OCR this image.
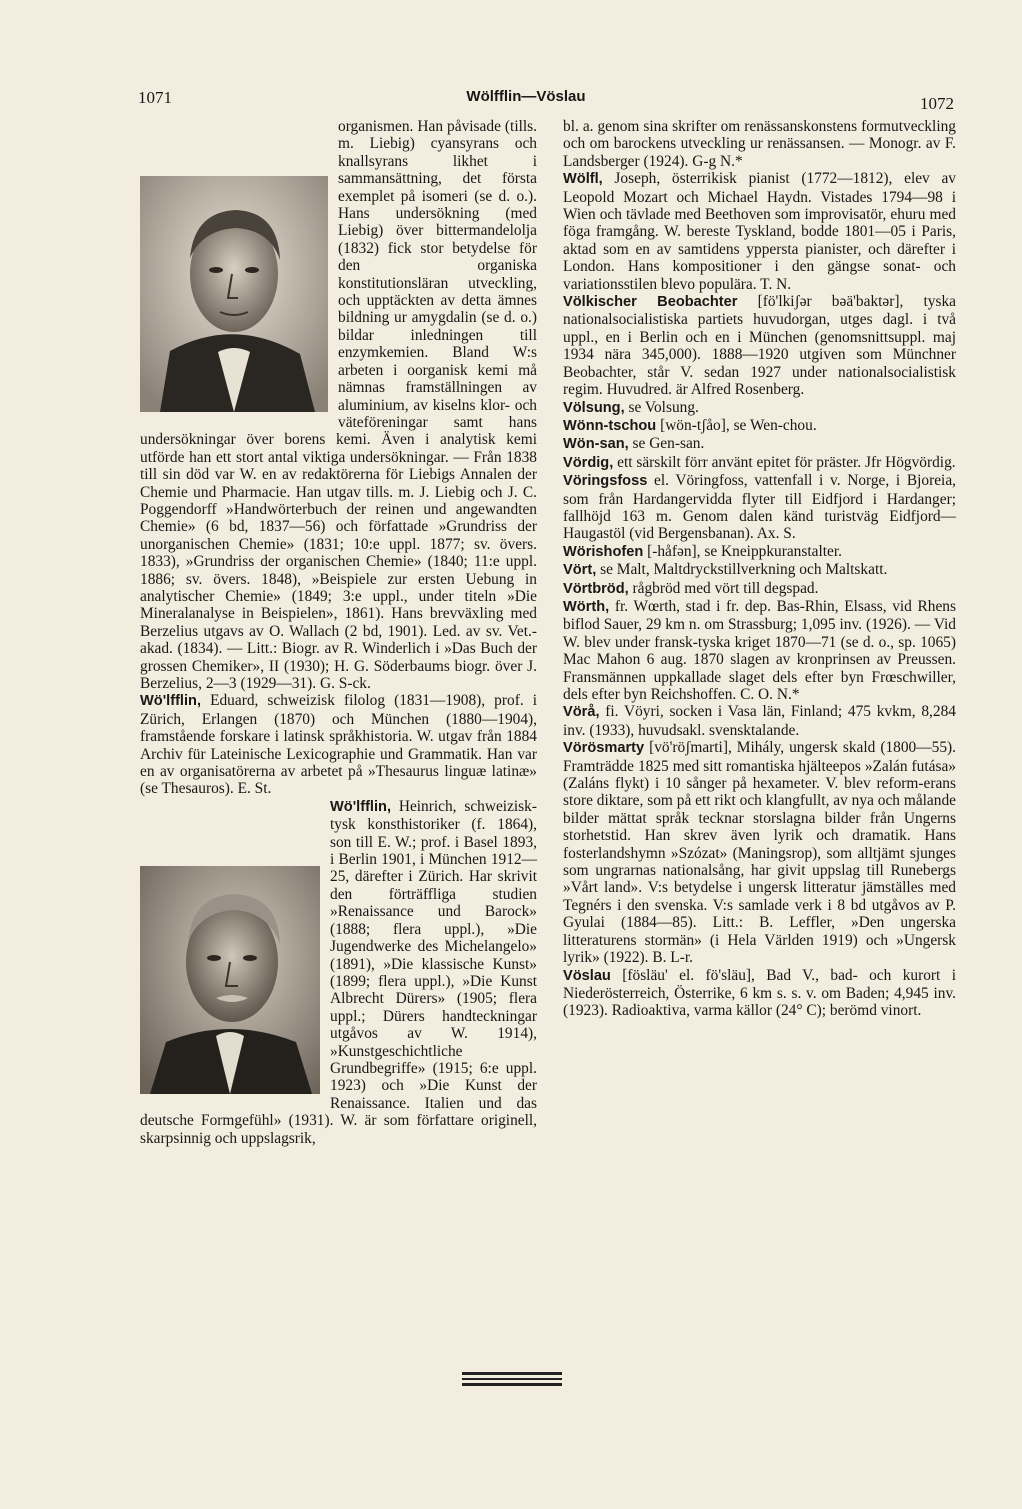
1071	Wölfflin—Vöslau	1072

organismen. Han påvisade (tills. m. Liebig) cyansyrans och knallsyrans likhet i sammansättning, det första exemplet på isomeri (se d. o.). Hans undersökning (med Liebig) över bittermandelolja (1832) fick stor betydelse för den organiska konstitutionsläran utveckling, och upptäckten av detta ämnes bildning ur amygdalin (se d. o.) bildar inledningen till enzymkemien. Bland W:s arbeten i oorganisk kemi må nämnas framställningen av aluminium, av kiselns klor- och väteföreningar samt hans undersökningar över borens kemi. Även i analytisk kemi utförde han ett stort antal viktiga undersökningar. — Från 1838 till sin död var W. en av redaktörerna för Liebigs Annalen der Chemie und Pharmacie. Han utgav tills. m. J. Liebig och J. C. Poggendorff »Handwörterbuch der reinen und angewandten Chemie» (6 bd, 1837—56) och författade »Grundriss der unorganischen Chemie» (1831; 10:e uppl. 1877; sv. övers. 1833), »Grundriss der organischen Chemie» (1840; 11:e uppl. 1886; sv. övers. 1848), »Beispiele zur ersten Uebung in analytischer Chemie» (1849; 3:e uppl., under titeln »Die Mineralanalyse in Beispielen», 1861). Hans brevväxling med Berzelius utgavs av O. Wallach (2 bd, 1901). Led. av sv. Vet.-akad. (1834). — Litt.: Biogr. av R. Winderlich i »Das Buch der grossen Chemiker», II (1930); H. G. Söderbaums biogr. över J. Berzelius, 2—3 (1929—31). G. S-ck.

Wö'lfflin, Eduard, schweizisk filolog (1831—1908), prof. i Zürich, Erlangen (1870) och München (1880—1904), framstående forskare i latinsk språkhistoria. W. utgav från 1884 Archiv für Lateinische Lexicographie und Grammatik. Han var en av organisatörerna av arbetet på »Thesaurus linguæ latinæ» (se Thesauros). E. St.

Wö'lfflin, Heinrich, schweizisk-tysk konsthistoriker (f. 1864), son till E. W.; prof. i Basel 1893, i Berlin 1901, i München 1912—25, därefter i Zürich. Har skrivit den förträffliga studien »Renaissance und Barock» (1888; flera uppl.), »Die Jugendwerke des Michelangelo» (1891), »Die klassische Kunst» (1899; flera uppl.), »Die Kunst Albrecht Dürers» (1905; flera uppl.; Dürers handteckningar utgåvos av W. 1914), »Kunstgeschichtliche Grundbegriffe» (1915; 6:e uppl. 1923) och »Die Kunst der Renaissance. Italien und das deutsche Formgefühl» (1931). W. är som författare originell, skarpsinnig och uppslagsrik,

bl. a. genom sina skrifter om renässanskonstens formutveckling och om barockens utveckling ur renässansen. — Monogr. av F. Landsberger (1924). G-g N.*

Wölfl, Joseph, österrikisk pianist (1772—1812), elev av Leopold Mozart och Michael Haydn. Vistades 1794—98 i Wien och tävlade med Beethoven som improvisatör, ehuru med föga framgång. W. bereste Tyskland, bodde 1801—05 i Paris, aktad som en av samtidens yppersta pianister, och därefter i London. Hans kompositioner i den gängse sonat- och variationsstilen blevo populära. T. N.

Völkischer Beobachter [fö'lkiʃər bəä'baktər], tyska nationalsocialistiska partiets huvudorgan, utges dagl. i två uppl., en i Berlin och en i München (genomsnittsuppl. maj 1934 nära 345,000). 1888—1920 utgiven som Münchner Beobachter, står V. sedan 1927 under nationalsocialistisk regim. Huvudred. är Alfred Rosenberg.

Völsung, se Volsung.

Wönn-tschou [wön-tʃåo], se Wen-chou.

Wön-san, se Gen-san.

Vördig, ett särskilt förr använt epitet för präster. Jfr Högvördig.

Vöringsfoss el. Vöringfoss, vattenfall i v. Norge, i Bjoreia, som från Hardangervidda flyter till Eidfjord i Hardanger; fallhöjd 163 m. Genom dalen känd turistväg Eidfjord—Haugastöl (vid Bergensbanan). Ax. S.

Wörishofen [-håfən], se Kneippkuranstalter.

Vört, se Malt, Maltdryckstillverkning och Maltskatt.

Vörtbröd, rågbröd med vört till degspad.

Wörth, fr. Wœrth, stad i fr. dep. Bas-Rhin, Elsass, vid Rhens biflod Sauer, 29 km n. om Strassburg; 1,095 inv. (1926). — Vid W. blev under fransk-tyska kriget 1870—71 (se d. o., sp. 1065) Mac Mahon 6 aug. 1870 slagen av kronprinsen av Preussen. Fransmännen uppkallade slaget dels efter byn Frœschwiller, dels efter byn Reichshoffen. C. O. N.*

Vörå, fi. Vöyri, socken i Vasa län, Finland; 475 kvkm, 8,284 inv. (1933), huvudsakl. svensktalande.

Vörösmarty [vö'röʃmarti], Mihály, ungersk skald (1800—55). Framträdde 1825 med sitt romantiska hjälteepos »Zalán futása» (Zaláns flykt) i 10 sånger på hexameter. V. blev reform-erans store diktare, som på ett rikt och klangfullt, av nya och målande bilder mättat språk tecknar storslagna bilder från Ungerns storhetstid. Han skrev även lyrik och dramatik. Hans fosterlandshymn »Szózat» (Maningsrop), som alltjämt sjunges som ungrarnas nationalsång, har givit uppslag till Runebergs »Vårt land». V:s betydelse i ungersk litteratur jämställes med Tegnérs i den svenska. V:s samlade verk i 8 bd utgåvos av P. Gyulai (1884—85). Litt.: B. Leffler, »Den ungerska litteraturens stormän» (i Hela Världen 1919) och »Ungersk lyrik» (1922). B. L-r.

Vöslau [fösläu' el. fö'släu], Bad V., bad- och kurort i Niederösterreich, Österrike, 6 km s. s. v. om Baden; 4,945 inv. (1923). Radioaktiva, varma källor (24° C); berömd vinort.
